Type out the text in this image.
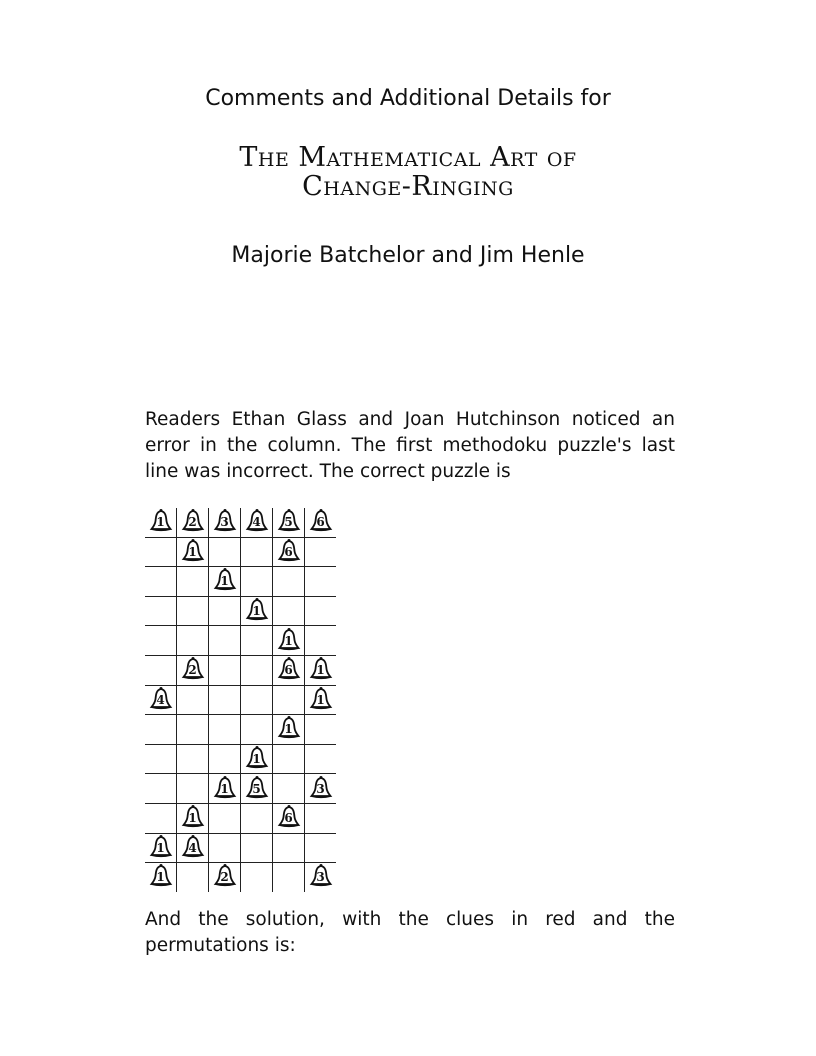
Comments and Additional Details for
The Mathematical Art of
Change-Ringing
Majorie Batchelor and Jim Henle
Readers Ethan Glass and Joan Hutchinson noticed an error in the column. The first methodoku puzzle's last line was incorrect. The correct puzzle is
1	2	3	4	5	6

	1			6	

		1			

			1		

				1	

	2			6	1

4					1

				1	

			1		

		1	5		3

	1			6	

1	4				

1		2			3
And the solution, with the clues in red and the permutations is:
